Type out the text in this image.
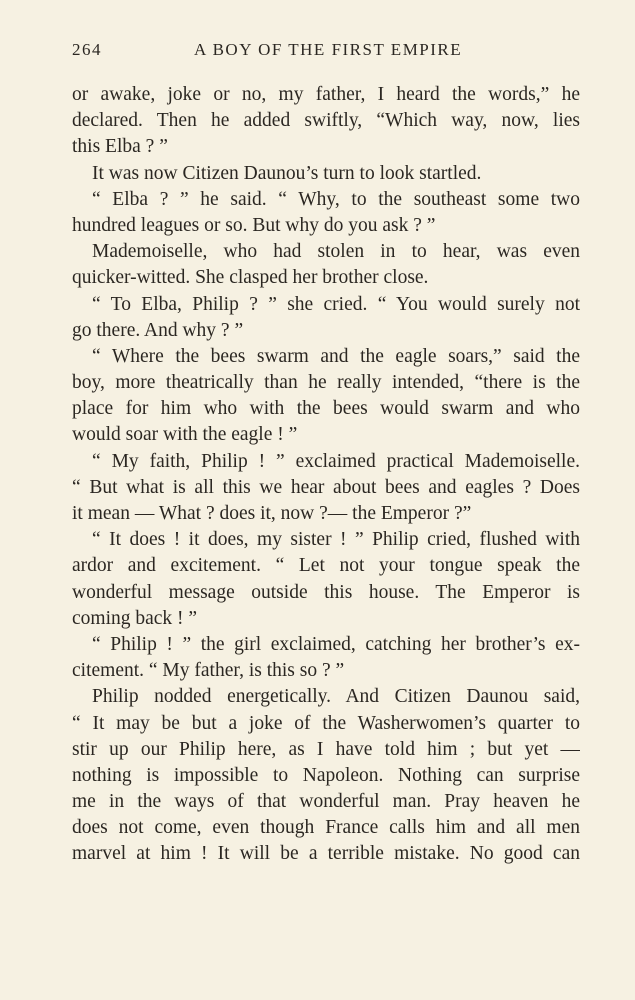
264	A BOY OF THE FIRST EMPIRE
or awake, joke or no, my father, I heard the words,” he
declared. Then he added swiftly, “Which way, now, lies
this Elba ? ”
It was now Citizen Daunou’s turn to look startled.
“ Elba ? ” he said. “ Why, to the southeast some two
hundred leagues or so. But why do you ask ? ”
Mademoiselle, who had stolen in to hear, was even
quicker-witted. She clasped her brother close.
“ To Elba, Philip ? ” she cried. “ You would surely not
go there. And why ? ”
“ Where the bees swarm and the eagle soars,” said the
boy, more theatrically than he really intended, “there is the
place for him who with the bees would swarm and who
would soar with the eagle ! ”
“ My faith, Philip ! ” exclaimed practical Mademoiselle.
“ But what is all this we hear about bees and eagles ? Does
it mean — What ? does it, now ?— the Emperor ?”
“ It does ! it does, my sister ! ” Philip cried, flushed with
ardor and excitement. “ Let not your tongue speak the
wonderful message outside this house. The Emperor is
coming back ! ”
“ Philip ! ” the girl exclaimed, catching her brother’s ex-
citement. “ My father, is this so ? ”
Philip nodded energetically. And Citizen Daunou said,
“ It may be but a joke of the Washerwomen’s quarter to
stir up our Philip here, as I have told him ; but yet —
nothing is impossible to Napoleon. Nothing can surprise
me in the ways of that wonderful man. Pray heaven he
does not come, even though France calls him and all men
marvel at him ! It will be a terrible mistake. No good can
